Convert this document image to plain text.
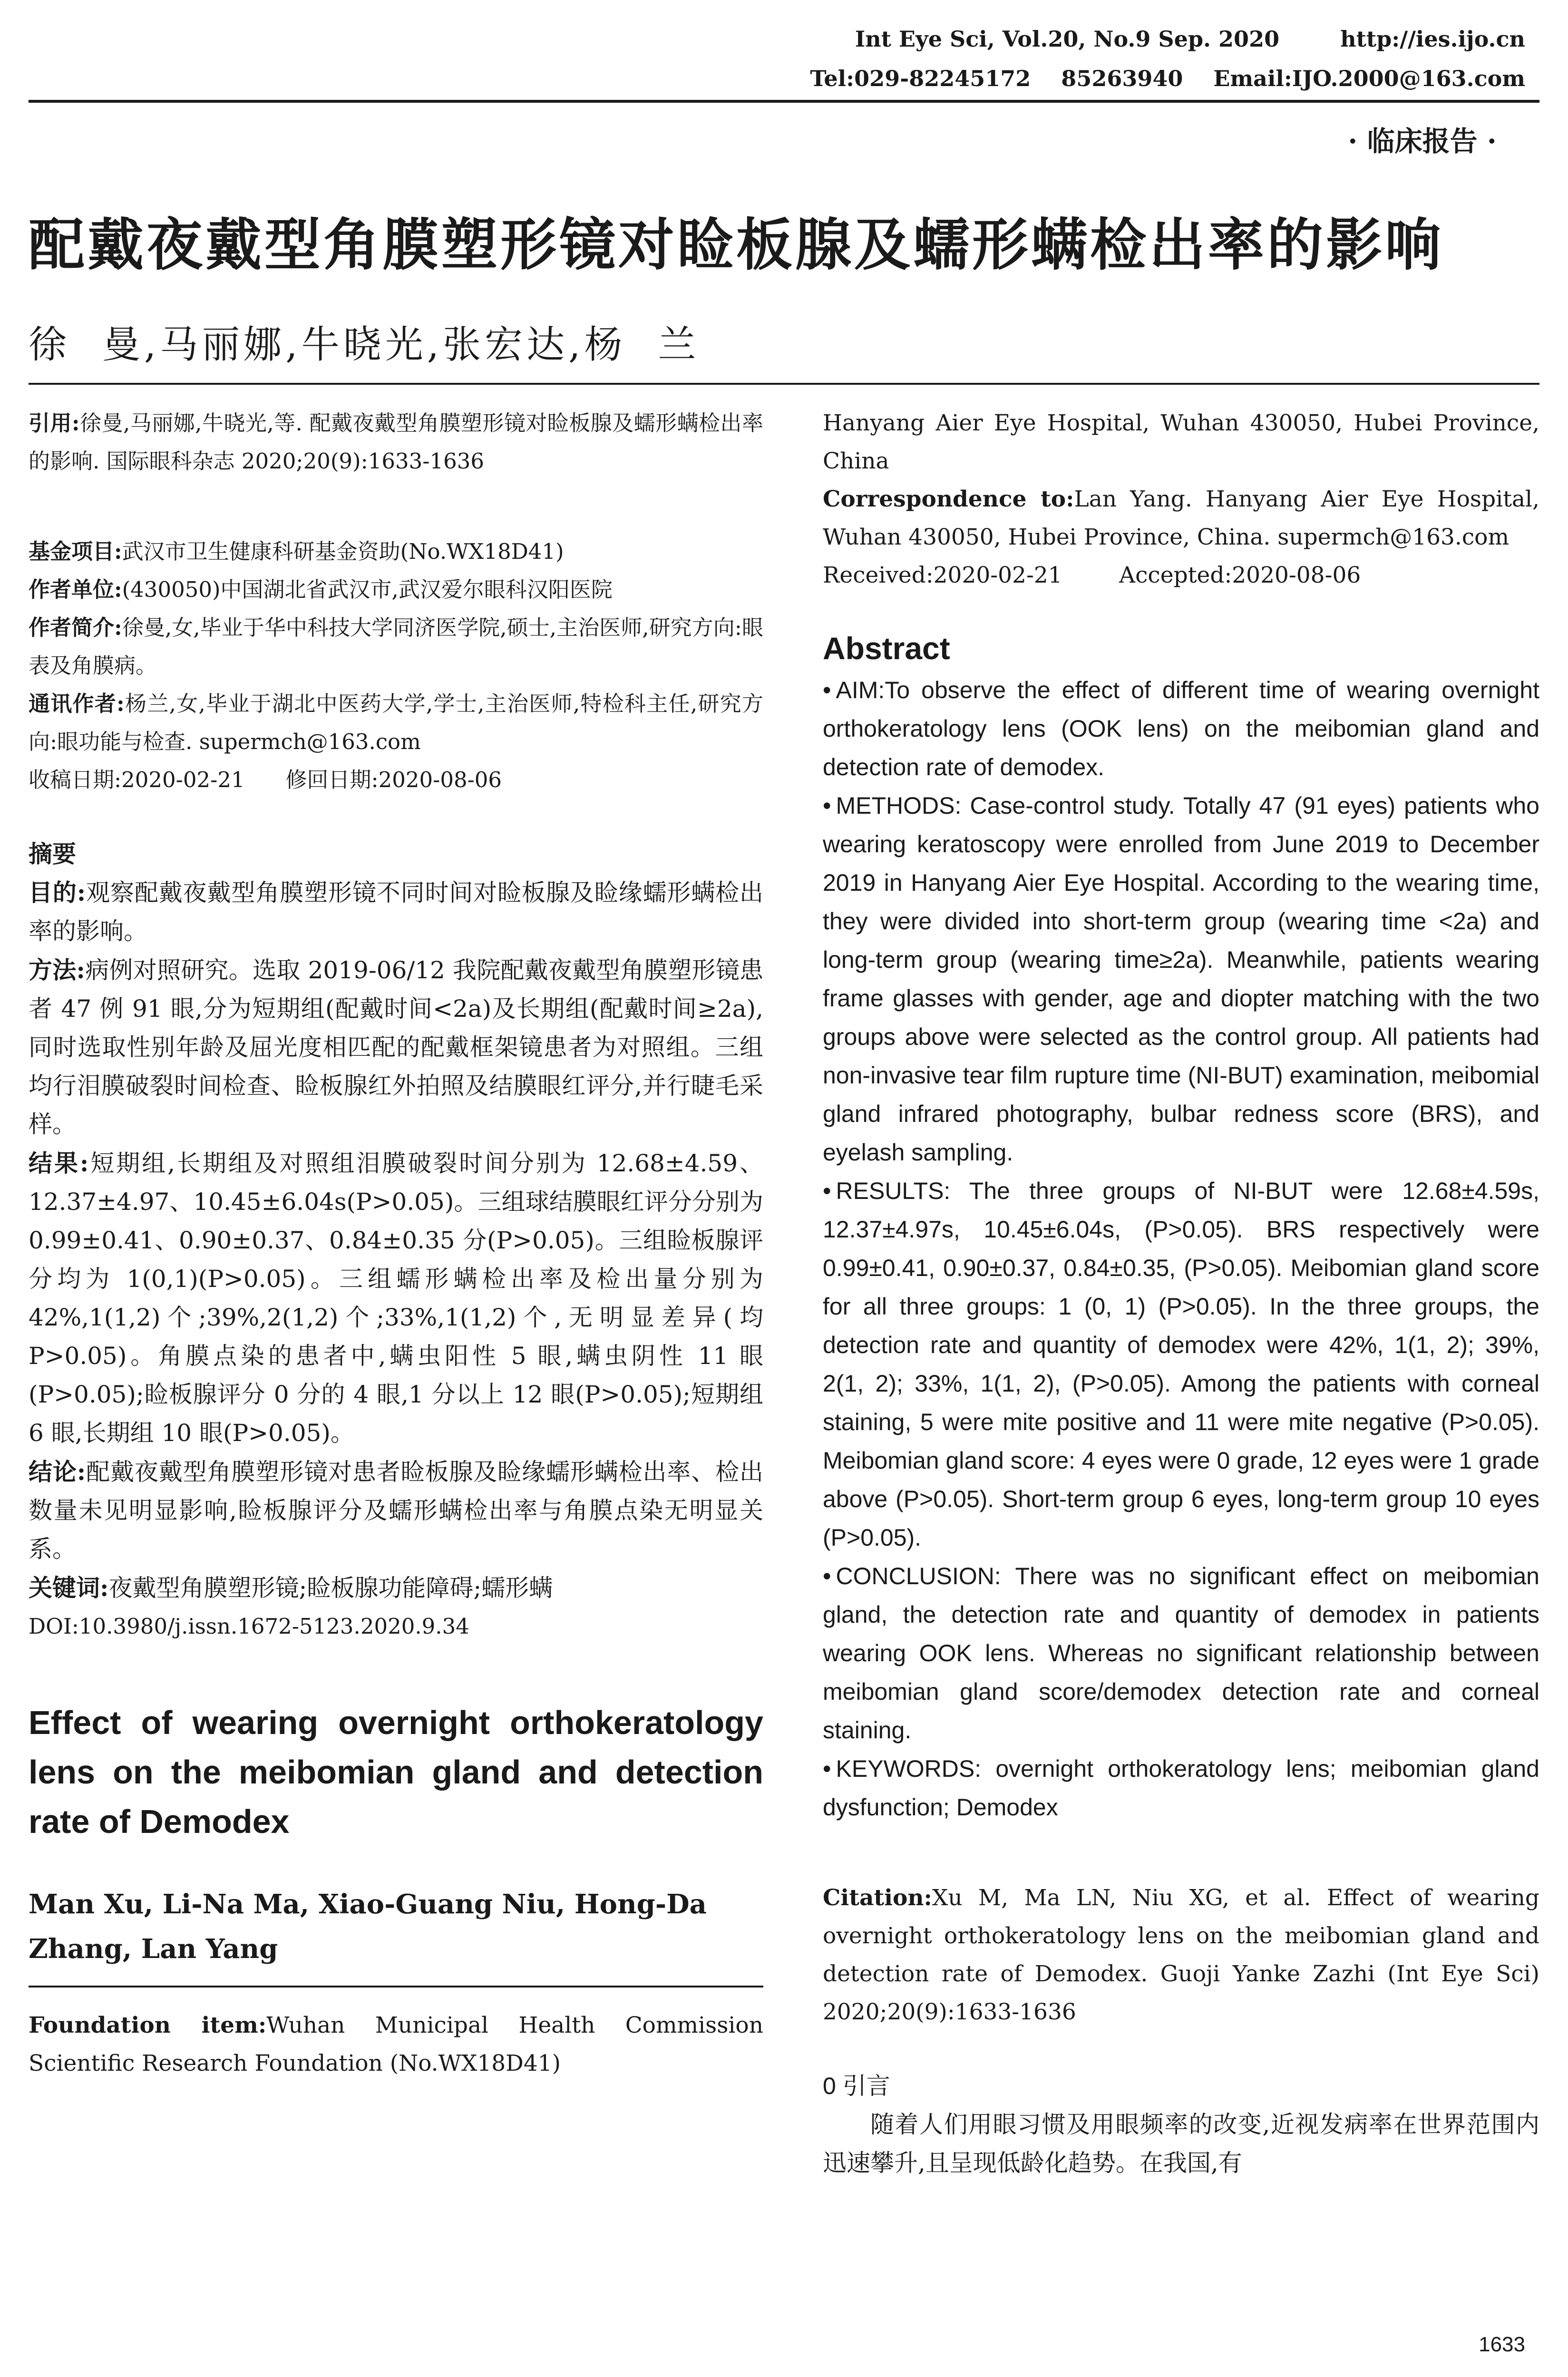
Int Eye Sci, Vol.20, No.9 Sep. 2020        http://ies.ijo.cn
Tel:029-82245172    85263940    Email:IJO.2000@163.com
· 临床报告 ·
配戴夜戴型角膜塑形镜对睑板腺及蠕形螨检出率的影响
徐  曼,马丽娜,牛晓光,张宏达,杨  兰

引用:徐曼,马丽娜,牛晓光,等. 配戴夜戴型角膜塑形镜对睑板腺及蠕形螨检出率的影响. 国际眼科杂志 2020;20(9):1633-1636

基金项目:武汉市卫生健康科研基金资助(No.WX18D41)

作者单位:(430050)中国湖北省武汉市,武汉爱尔眼科汉阳医院

作者简介:徐曼,女,毕业于华中科技大学同济医学院,硕士,主治医师,研究方向:眼表及角膜病。

通讯作者:杨兰,女,毕业于湖北中医药大学,学士,主治医师,特检科主任,研究方向:眼功能与检查. supermch@163.com

收稿日期:2020-02-21      修回日期:2020-08-06

摘要

目的:观察配戴夜戴型角膜塑形镜不同时间对睑板腺及睑缘蠕形螨检出率的影响。

方法:病例对照研究。选取 2019-06/12 我院配戴夜戴型角膜塑形镜患者 47 例 91 眼,分为短期组(配戴时间<2a)及长期组(配戴时间≥2a),同时选取性别年龄及屈光度相匹配的配戴框架镜患者为对照组。三组均行泪膜破裂时间检查、睑板腺红外拍照及结膜眼红评分,并行睫毛采样。

结果:短期组,长期组及对照组泪膜破裂时间分别为 12.68±4.59、12.37±4.97、10.45±6.04s(P>0.05)。三组球结膜眼红评分分别为 0.99±0.41、0.90±0.37、0.84±0.35 分(P>0.05)。三组睑板腺评分均为 1(0,1)(P>0.05)。三组蠕形螨检出率及检出量分别为 42%,1(1,2)个;39%,2(1,2)个;33%,1(1,2)个,无明显差异(均 P>0.05)。角膜点染的患者中,螨虫阳性 5 眼,螨虫阴性 11 眼(P>0.05);睑板腺评分 0 分的 4 眼,1 分以上 12 眼(P>0.05);短期组 6 眼,长期组 10 眼(P>0.05)。

结论:配戴夜戴型角膜塑形镜对患者睑板腺及睑缘蠕形螨检出率、检出数量未见明显影响,睑板腺评分及蠕形螨检出率与角膜点染无明显关系。

关键词:夜戴型角膜塑形镜;睑板腺功能障碍;蠕形螨

DOI:10.3980/j.issn.1672-5123.2020.9.34

Effect of wearing overnight orthokeratology lens on the meibomian gland and detection rate of Demodex

Man Xu, Li-Na Ma, Xiao-Guang Niu, Hong-Da Zhang, Lan Yang

Foundation item:Wuhan Municipal Health Commission Scientific Research Foundation (No.WX18D41)

Hanyang Aier Eye Hospital, Wuhan 430050, Hubei Province, China

Correspondence to:Lan Yang. Hanyang Aier Eye Hospital, Wuhan 430050, Hubei Province, China. supermch@163.com

Received:2020-02-21        Accepted:2020-08-06

Abstract

• AIM:To observe the effect of different time of wearing overnight orthokeratology lens (OOK lens) on the meibomian gland and detection rate of demodex.

• METHODS: Case-control study. Totally 47 (91 eyes) patients who wearing keratoscopy were enrolled from June 2019 to December 2019 in Hanyang Aier Eye Hospital. According to the wearing time, they were divided into short-term group (wearing time <2a) and long-term group (wearing time≥2a). Meanwhile, patients wearing frame glasses with gender, age and diopter matching with the two groups above were selected as the control group. All patients had non-invasive tear film rupture time (NI-BUT) examination, meibomial gland infrared photography, bulbar redness score (BRS), and eyelash sampling.

• RESULTS: The three groups of NI-BUT were 12.68±4.59s, 12.37±4.97s, 10.45±6.04s, (P>0.05). BRS respectively were 0.99±0.41, 0.90±0.37, 0.84±0.35, (P>0.05). Meibomian gland score for all three groups: 1 (0, 1) (P>0.05). In the three groups, the detection rate and quantity of demodex were 42%, 1(1, 2); 39%, 2(1, 2); 33%, 1(1, 2), (P>0.05). Among the patients with corneal staining, 5 were mite positive and 11 were mite negative (P>0.05). Meibomian gland score: 4 eyes were 0 grade, 12 eyes were 1 grade above (P>0.05). Short-term group 6 eyes, long-term group 10 eyes (P>0.05).

• CONCLUSION: There was no significant effect on meibomian gland, the detection rate and quantity of demodex in patients wearing OOK lens. Whereas no significant relationship between meibomian gland score/demodex detection rate and corneal staining.

• KEYWORDS: overnight orthokeratology lens; meibomian gland dysfunction; Demodex

Citation:Xu M, Ma LN, Niu XG, et al. Effect of wearing overnight orthokeratology lens on the meibomian gland and detection rate of Demodex. Guoji Yanke Zazhi (Int Eye Sci) 2020;20(9):1633-1636

0 引言

随着人们用眼习惯及用眼频率的改变,近视发病率在世界范围内迅速攀升,且呈现低龄化趋势。在我国,有

1633
